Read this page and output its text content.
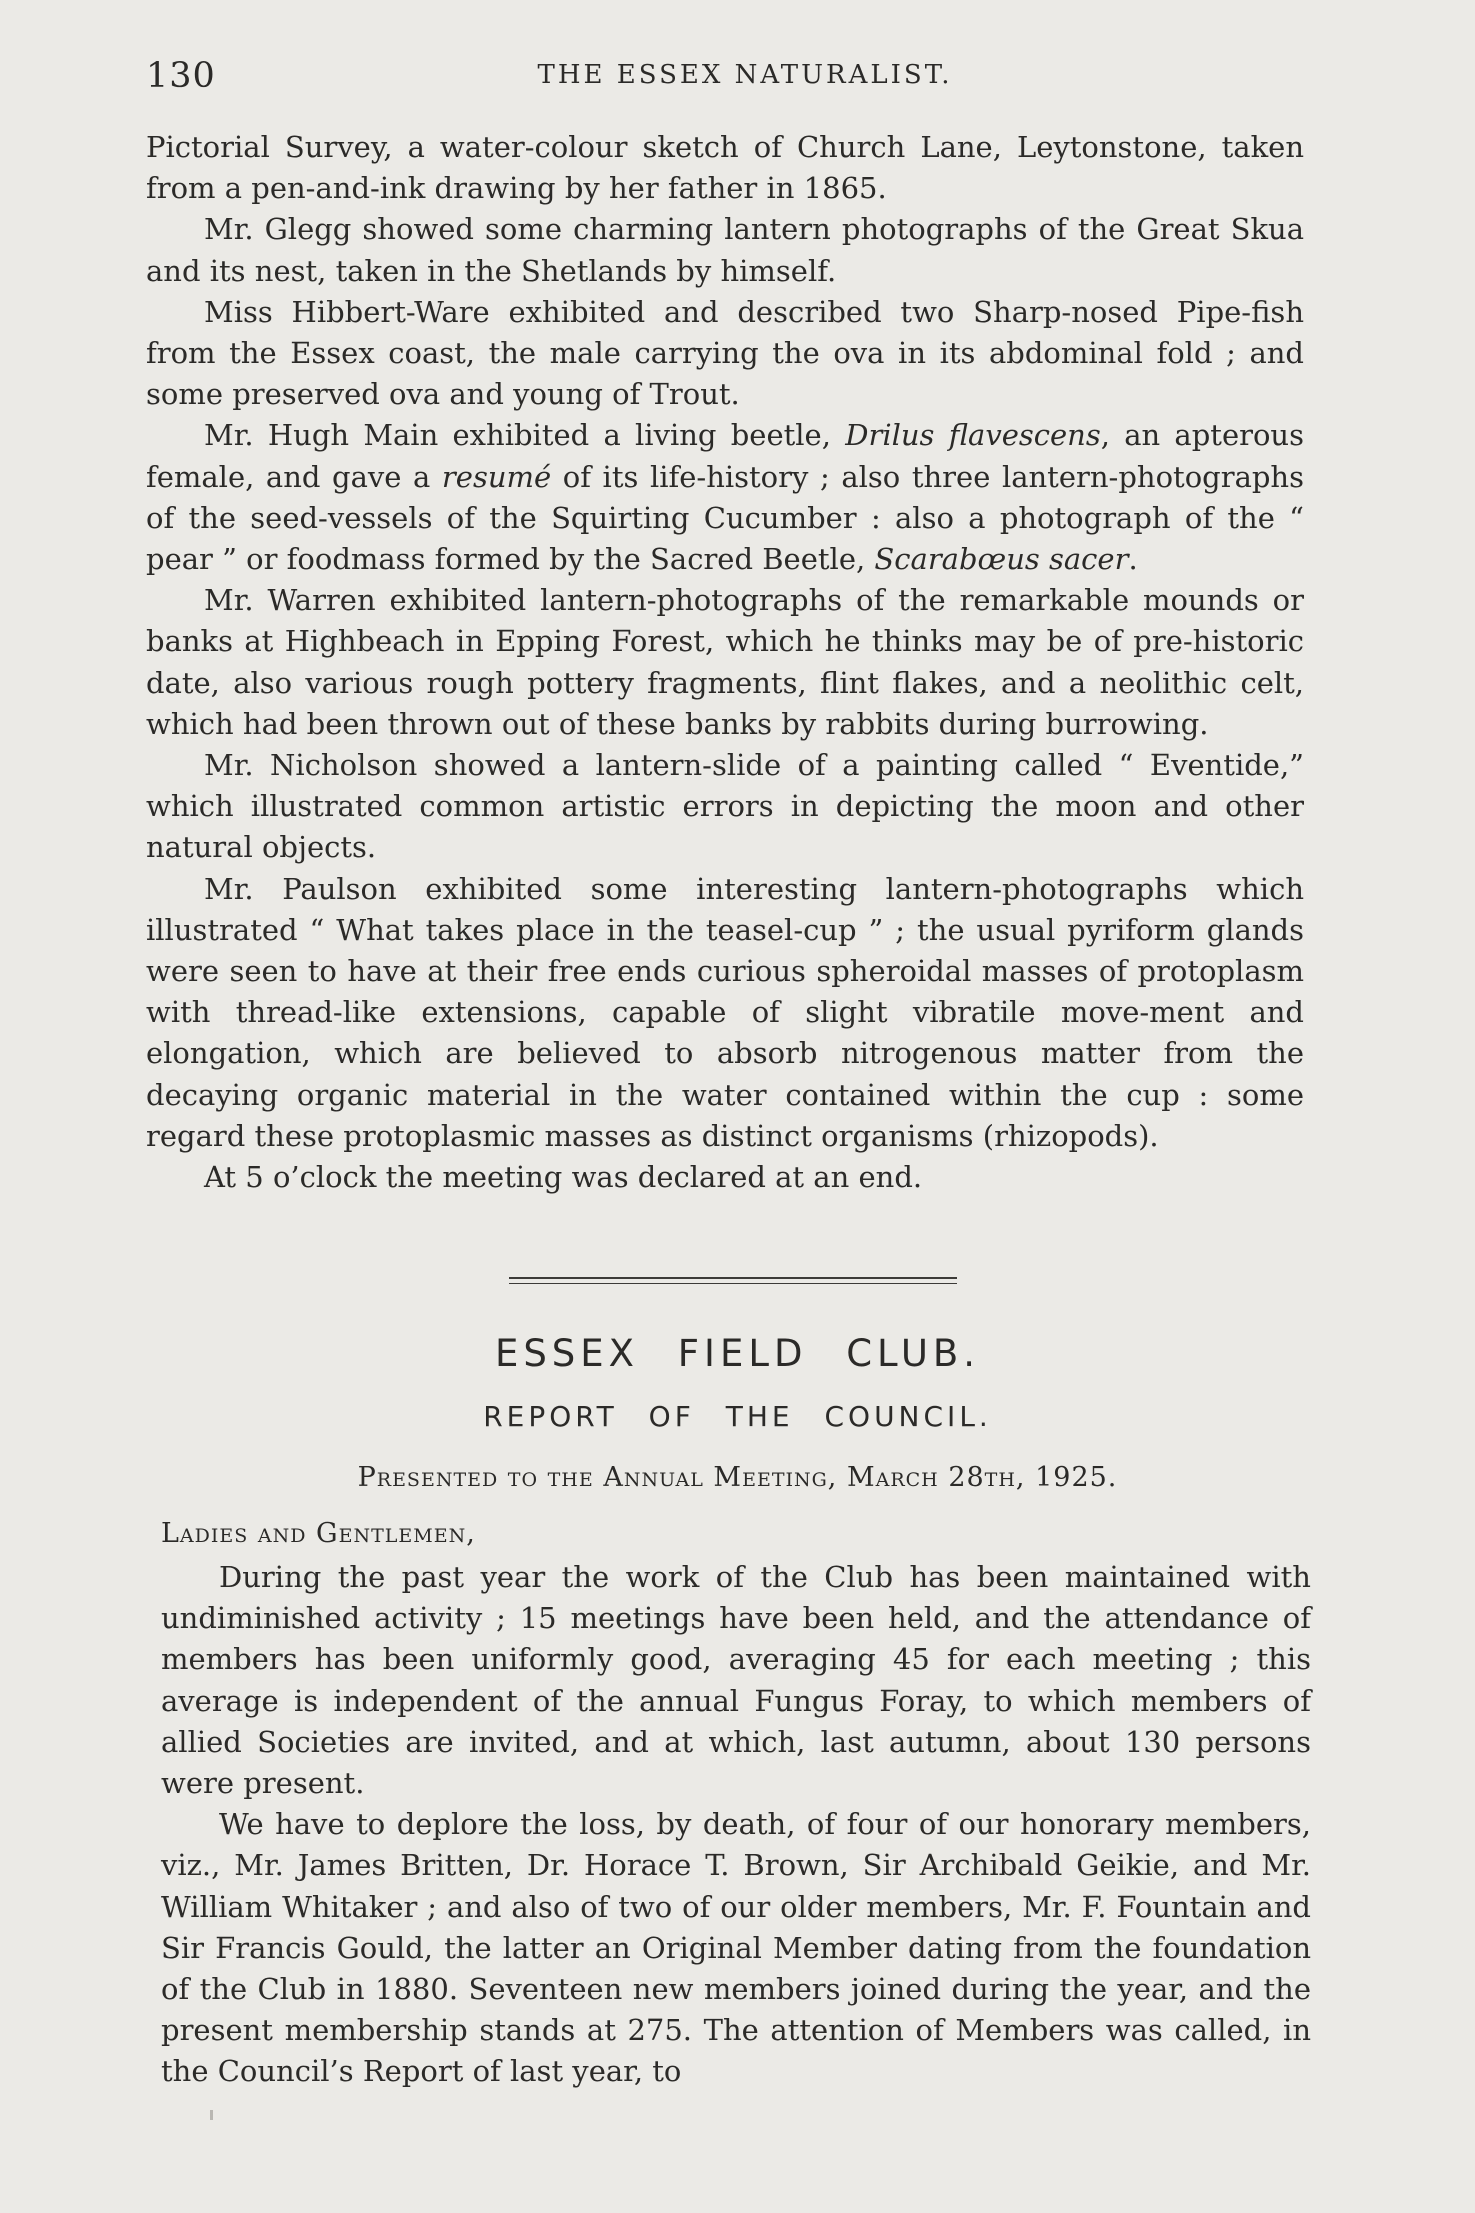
130	THE ESSEX NATURALIST.

Pictorial Survey, a water-colour sketch of Church Lane, Leytonstone, taken from a pen-and-ink drawing by her father in 1865.

Mr. Glegg showed some charming lantern photographs of the Great Skua and its nest, taken in the Shetlands by himself.

Miss Hibbert-Ware exhibited and described two Sharp-nosed Pipe-fish from the Essex coast, the male carrying the ova in its abdominal fold ; and some preserved ova and young of Trout.

Mr. Hugh Main exhibited a living beetle, Drilus flavescens, an apterous female, and gave a resumé of its life-history ; also three lantern-photographs of the seed-vessels of the Squirting Cucumber : also a photograph of the “ pear ” or foodmass formed by the Sacred Beetle, Scarabœus sacer.

Mr. Warren exhibited lantern-photographs of the remarkable mounds or banks at Highbeach in Epping Forest, which he thinks may be of pre-historic date, also various rough pottery fragments, flint flakes, and a neolithic celt, which had been thrown out of these banks by rabbits during burrowing.

Mr. Nicholson showed a lantern-slide of a painting called “ Eventide,” which illustrated common artistic errors in depicting the moon and other natural objects.

Mr. Paulson exhibited some interesting lantern-photographs which illustrated “ What takes place in the teasel-cup ” ; the usual pyriform glands were seen to have at their free ends curious spheroidal masses of protoplasm with thread-like extensions, capable of slight vibratile move-ment and elongation, which are believed to absorb nitrogenous matter from the decaying organic material in the water contained within the cup : some regard these protoplasmic masses as distinct organisms (rhizopods).

At 5 o’clock the meeting was declared at an end.

ESSEX FIELD CLUB.
REPORT OF THE COUNCIL.
Presented to the Annual Meeting, March 28th, 1925.
Ladies and Gentlemen,

During the past year the work of the Club has been maintained with undiminished activity ; 15 meetings have been held, and the attendance of members has been uniformly good, averaging 45 for each meeting ; this average is independent of the annual Fungus Foray, to which members of allied Societies are invited, and at which, last autumn, about 130 persons were present.

We have to deplore the loss, by death, of four of our honorary members, viz., Mr. James Britten, Dr. Horace T. Brown, Sir Archibald Geikie, and Mr. William Whitaker ; and also of two of our older members, Mr. F. Fountain and Sir Francis Gould, the latter an Original Member dating from the foundation of the Club in 1880. Seventeen new members joined during the year, and the present membership stands at 275. The attention of Members was called, in the Council’s Report of last year, to
